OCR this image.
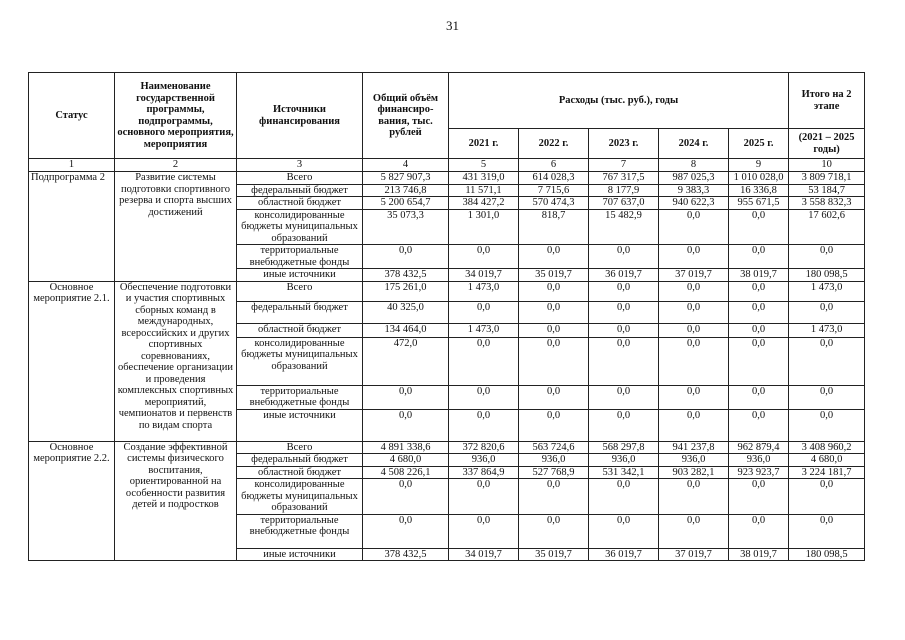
31
Статус	Наименование государственной программы, подпрограммы, основного мероприятия, мероприятия	Источники финансирования	Общий объём финансиро-вания, тыс. рублей	Расходы (тыс. руб.), годы					Итого на 2 этапе
				2021 г.	2022 г.	2023 г.	2024 г.	2025 г.	(2021 – 2025 годы)
1	2	3	4	5	6	7	8	9	10
Подпрограмма 2	Развитие системы подготовки спортивного резерва и спорта высших достижений	Всего	5 827 907,3	431 319,0	614 028,3	767 317,5	987 025,3	1 010 028,0	3 809 718,1
		федеральный бюджет	213 746,8	11 571,1	7 715,6	8 177,9	9 383,3	16 336,8	53 184,7
		областной бюджет	5 200 654,7	384 427,2	570 474,3	707 637,0	940 622,3	955 671,5	3 558 832,3
		консолидированные бюджеты муниципальных образований	35 073,3	1 301,0	818,7	15 482,9	0,0	0,0	17 602,6
		территориальные внебюджетные фонды	0,0	0,0	0,0	0,0	0,0	0,0	0,0
		иные источники	378 432,5	34 019,7	35 019,7	36 019,7	37 019,7	38 019,7	180 098,5
Основное мероприятие 2.1.	Обеспечение подготовки и участия спортивных сборных команд в международных, всероссийских и других спортивных соревнованиях, обеспечение организации и проведения комплексных спортивных мероприятий, чемпионатов и первенств по видам спорта	Всего	175 261,0	1 473,0	0,0	0,0	0,0	0,0	1 473,0
		федеральный бюджет	40 325,0	0,0	0,0	0,0	0,0	0,0	0,0
		областной бюджет	134 464,0	1 473,0	0,0	0,0	0,0	0,0	1 473,0
		консолидированные бюджеты муниципальных образований	472,0	0,0	0,0	0,0	0,0	0,0	0,0
		территориальные внебюджетные фонды	0,0	0,0	0,0	0,0	0,0	0,0	0,0
		иные источники	0,0	0,0	0,0	0,0	0,0	0,0	0,0
Основное мероприятие 2.2.	Создание эффективной системы физического воспитания, ориентированной на особенности развития детей и подростков	Всего	4 891 338,6	372 820,6	563 724,6	568 297,8	941 237,8	962 879,4	3 408 960,2
		федеральный бюджет	4 680,0	936,0	936,0	936,0	936,0	936,0	4 680,0
		областной бюджет	4 508 226,1	337 864,9	527 768,9	531 342,1	903 282,1	923 923,7	3 224 181,7
		консолидированные бюджеты муниципальных образований	0,0	0,0	0,0	0,0	0,0	0,0	0,0
		территориальные внебюджетные фонды	0,0	0,0	0,0	0,0	0,0	0,0	0,0
		иные источники	378 432,5	34 019,7	35 019,7	36 019,7	37 019,7	38 019,7	180 098,5
